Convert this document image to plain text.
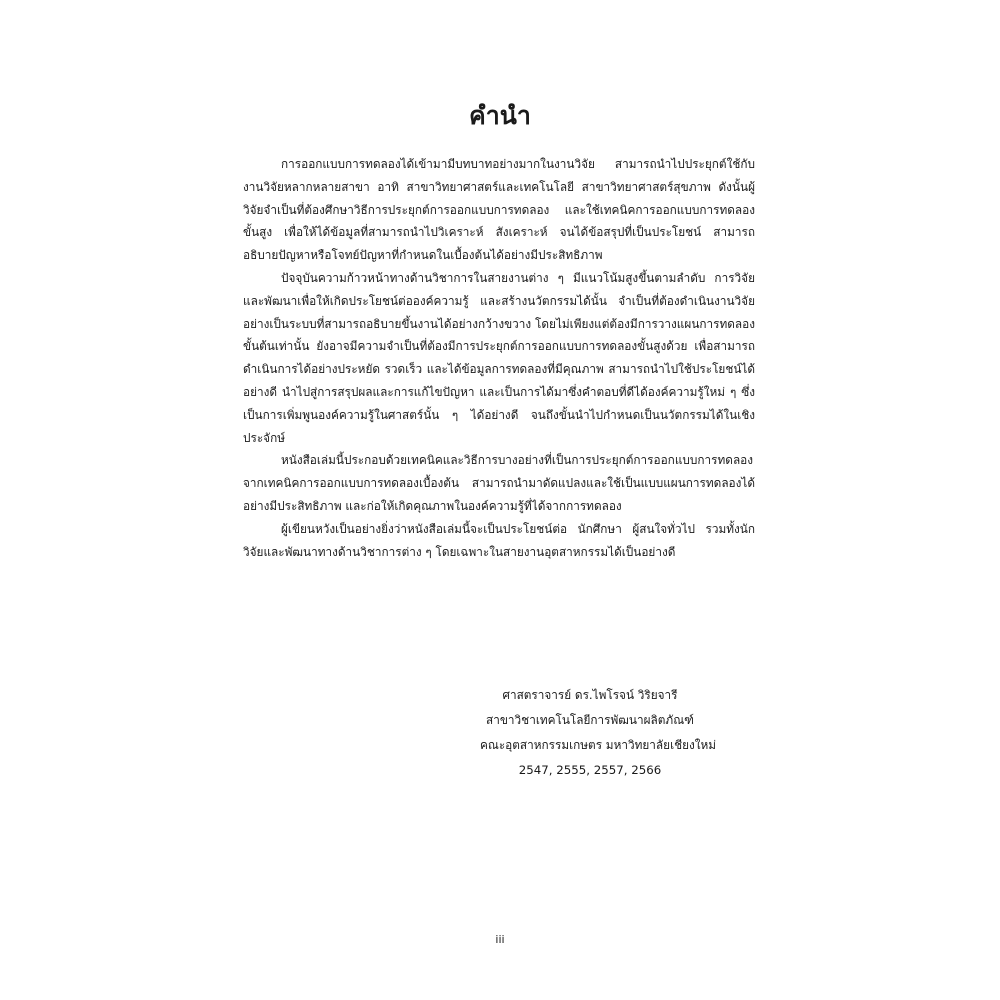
คำนำ

การออกแบบการทดลองได้เข้ามามีบทบาทอย่างมากในงานวิจัย สามารถนำไปประยุกต์ใช้กับงานวิจัยหลากหลายสาขา อาทิ สาขาวิทยาศาสตร์และเทคโนโลยี สาขาวิทยาศาสตร์สุขภาพ ดังนั้นผู้วิจัยจำเป็นที่ต้องศึกษาวิธีการประยุกต์การออกแบบการทดลอง และใช้เทคนิคการออกแบบการทดลองขั้นสูง เพื่อให้ได้ข้อมูลที่สามารถนำไปวิเคราะห์ สังเคราะห์ จนได้ข้อสรุปที่เป็นประโยชน์ สามารถอธิบายปัญหาหรือโจทย์ปัญหาที่กำหนดในเบื้องต้นได้อย่างมีประสิทธิภาพ

ปัจจุบันความก้าวหน้าทางด้านวิชาการในสายงานต่าง ๆ มีแนวโน้มสูงขึ้นตามลำดับ การวิจัยและพัฒนาเพื่อให้เกิดประโยชน์ต่อองค์ความรู้ และสร้างนวัตกรรมได้นั้น จำเป็นที่ต้องดำเนินงานวิจัยอย่างเป็นระบบที่สามารถอธิบายขึ้นงานได้อย่างกว้างขวาง โดยไม่เพียงแต่ต้องมีการวางแผนการทดลองขั้นต้นเท่านั้น ยังอาจมีความจำเป็นที่ต้องมีการประยุกต์การออกแบบการทดลองขั้นสูงด้วย เพื่อสามารถดำเนินการได้อย่างประหยัด รวดเร็ว และได้ข้อมูลการทดลองที่มีคุณภาพ สามารถนำไปใช้ประโยชน์ได้อย่างดี นำไปสู่การสรุปผลและการแก้ไขปัญหา และเป็นการได้มาซึ่งคำตอบที่ดีได้องค์ความรู้ใหม่ ๆ ซึ่งเป็นการเพิ่มพูนองค์ความรู้ในศาสตร์นั้น ๆ ได้อย่างดี จนถึงขั้นนำไปกำหนดเป็นนวัตกรรมได้ในเชิงประจักษ์

หนังสือเล่มนี้ประกอบด้วยเทคนิคและวิธีการบางอย่างที่เป็นการประยุกต์การออกแบบการทดลองจากเทคนิคการออกแบบการทดลองเบื้องต้น สามารถนำมาดัดแปลงและใช้เป็นแบบแผนการทดลองได้อย่างมีประสิทธิภาพ และก่อให้เกิดคุณภาพในองค์ความรู้ที่ได้จากการทดลอง

ผู้เขียนหวังเป็นอย่างยิ่งว่าหนังสือเล่มนี้จะเป็นประโยชน์ต่อ นักศึกษา ผู้สนใจทั่วไป รวมทั้งนักวิจัยและพัฒนาทางด้านวิชาการต่าง ๆ โดยเฉพาะในสายงานอุตสาหกรรมได้เป็นอย่างดี

ศาสตราจารย์ ดร.ไพโรจน์ วิริยจารี
สาขาวิชาเทคโนโลยีการพัฒนาผลิตภัณฑ์
คณะอุตสาหกรรมเกษตร มหาวิทยาลัยเชียงใหม่
2547, 2555, 2557, 2566
iii
